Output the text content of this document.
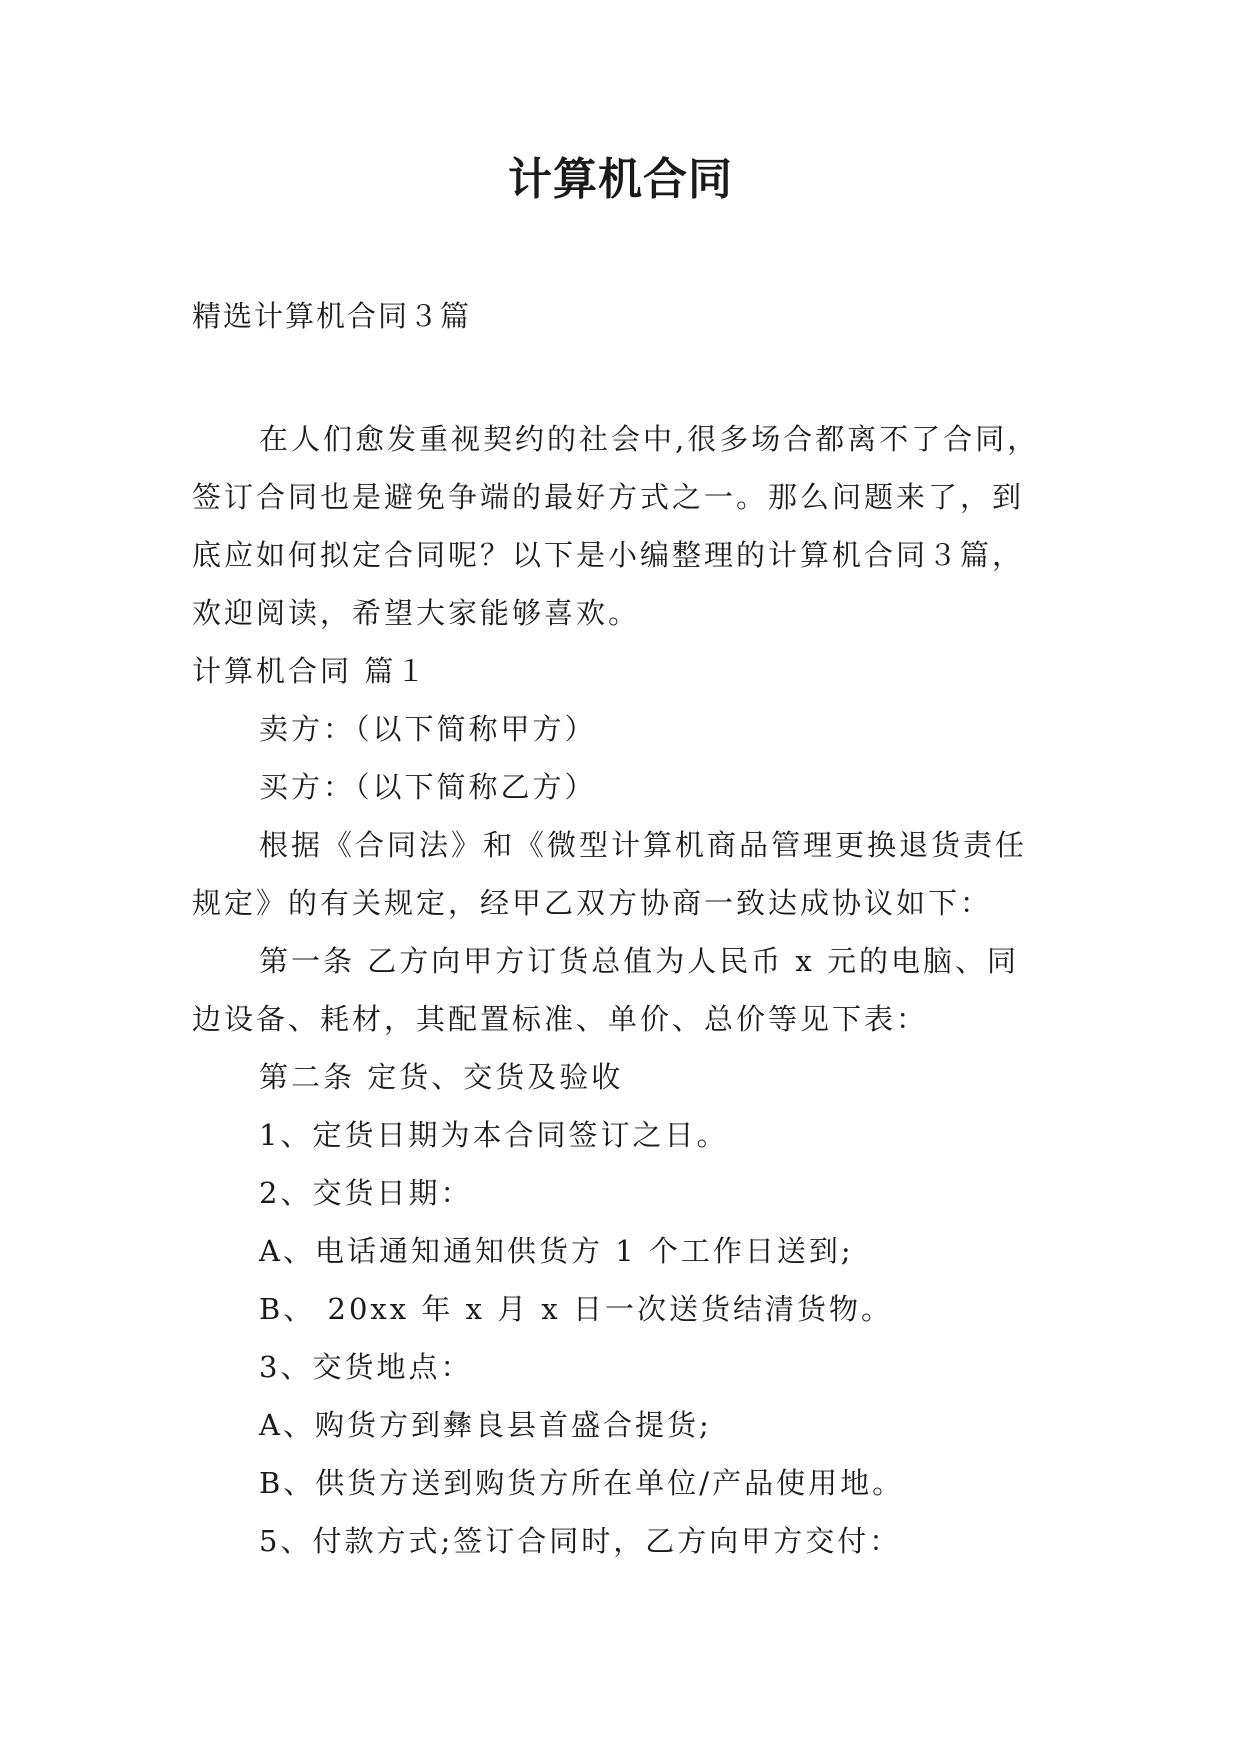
计算机合同
精选计算机合同３篇
在人们愈发重视契约的社会中,很多场合都离不了合同，
签订合同也是避免争端的最好方式之一。那么问题来了，到
底应如何拟定合同呢？以下是小编整理的计算机合同３篇，
欢迎阅读，希望大家能够喜欢。
计算机合同 篇１
卖方：（以下简称甲方）
买方：（以下简称乙方）
根据《合同法》和《微型计算机商品管理更换退货责任
规定》的有关规定，经甲乙双方协商一致达成协议如下：
第一条 乙方向甲方订货总值为人民币 x 元的电脑、同
边设备、耗材，其配置标准、单价、总价等见下表：
第二条 定货、交货及验收
1、定货日期为本合同签订之日。
2、交货日期：
A、电话通知通知供货方 1 个工作日送到;
B、 20xx 年 x 月 x 日一次送货结清货物。
3、交货地点：
A、购货方到彝良县首盛合提货;
B、供货方送到购货方所在单位/产品使用地。
5、付款方式;签订合同时，乙方向甲方交付：
